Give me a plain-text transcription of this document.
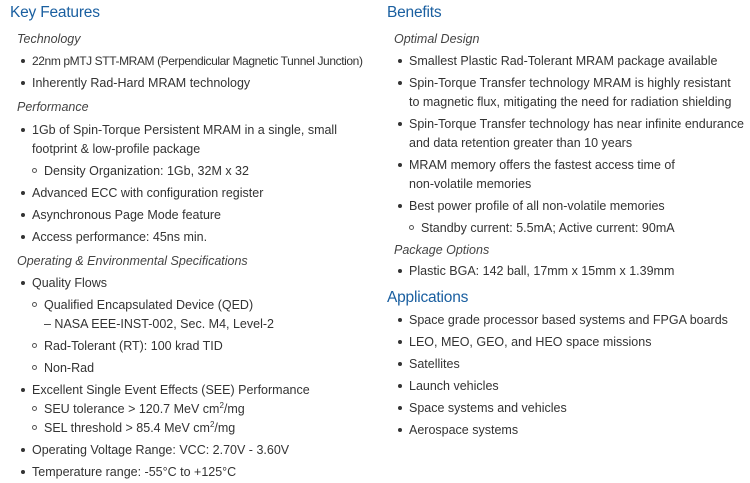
Key Features
Technology
22nm pMTJ STT-MRAM (Perpendicular Magnetic Tunnel Junction)
Inherently Rad-Hard MRAM technology
Performance
1Gb of Spin-Torque Persistent MRAM in a single, small
footprint & low-profile package
Density Organization: 1Gb, 32M x 32
Advanced ECC with configuration register
Asynchronous Page Mode feature
Access performance: 45ns min.
Operating & Environmental Specifications
Quality Flows
Qualified Encapsulated Device (QED)
– NASA EEE-INST-002, Sec. M4, Level-2
Rad-Tolerant (RT): 100 krad TID
Non-Rad
Excellent Single Event Effects (SEE) Performance
SEU tolerance > 120.7 MeV $cm^2/mg$
SEL threshold > 85.4 MeV $cm^2/mg$
Operating Voltage Range: VCC: 2.70V - 3.60V
Temperature range: -55°C to +125°C
Benefits
Optimal Design
Smallest Plastic Rad-Tolerant MRAM package available
Spin-Torque Transfer technology MRAM is highly resistant
to magnetic flux, mitigating the need for radiation shielding
Spin-Torque Transfer technology has near infinite endurance
and data retention greater than 10 years
MRAM memory offers the fastest access time of
non-volatile memories
Best power profile of all non-volatile memories
Standby current: 5.5mA; Active current: 90mA
Package Options
Plastic BGA: 142 ball, 17mm x 15mm x 1.39mm
Applications
Space grade processor based systems and FPGA boards
LEO, MEO, GEO, and HEO space missions
Satellites
Launch vehicles
Space systems and vehicles
Aerospace systems
